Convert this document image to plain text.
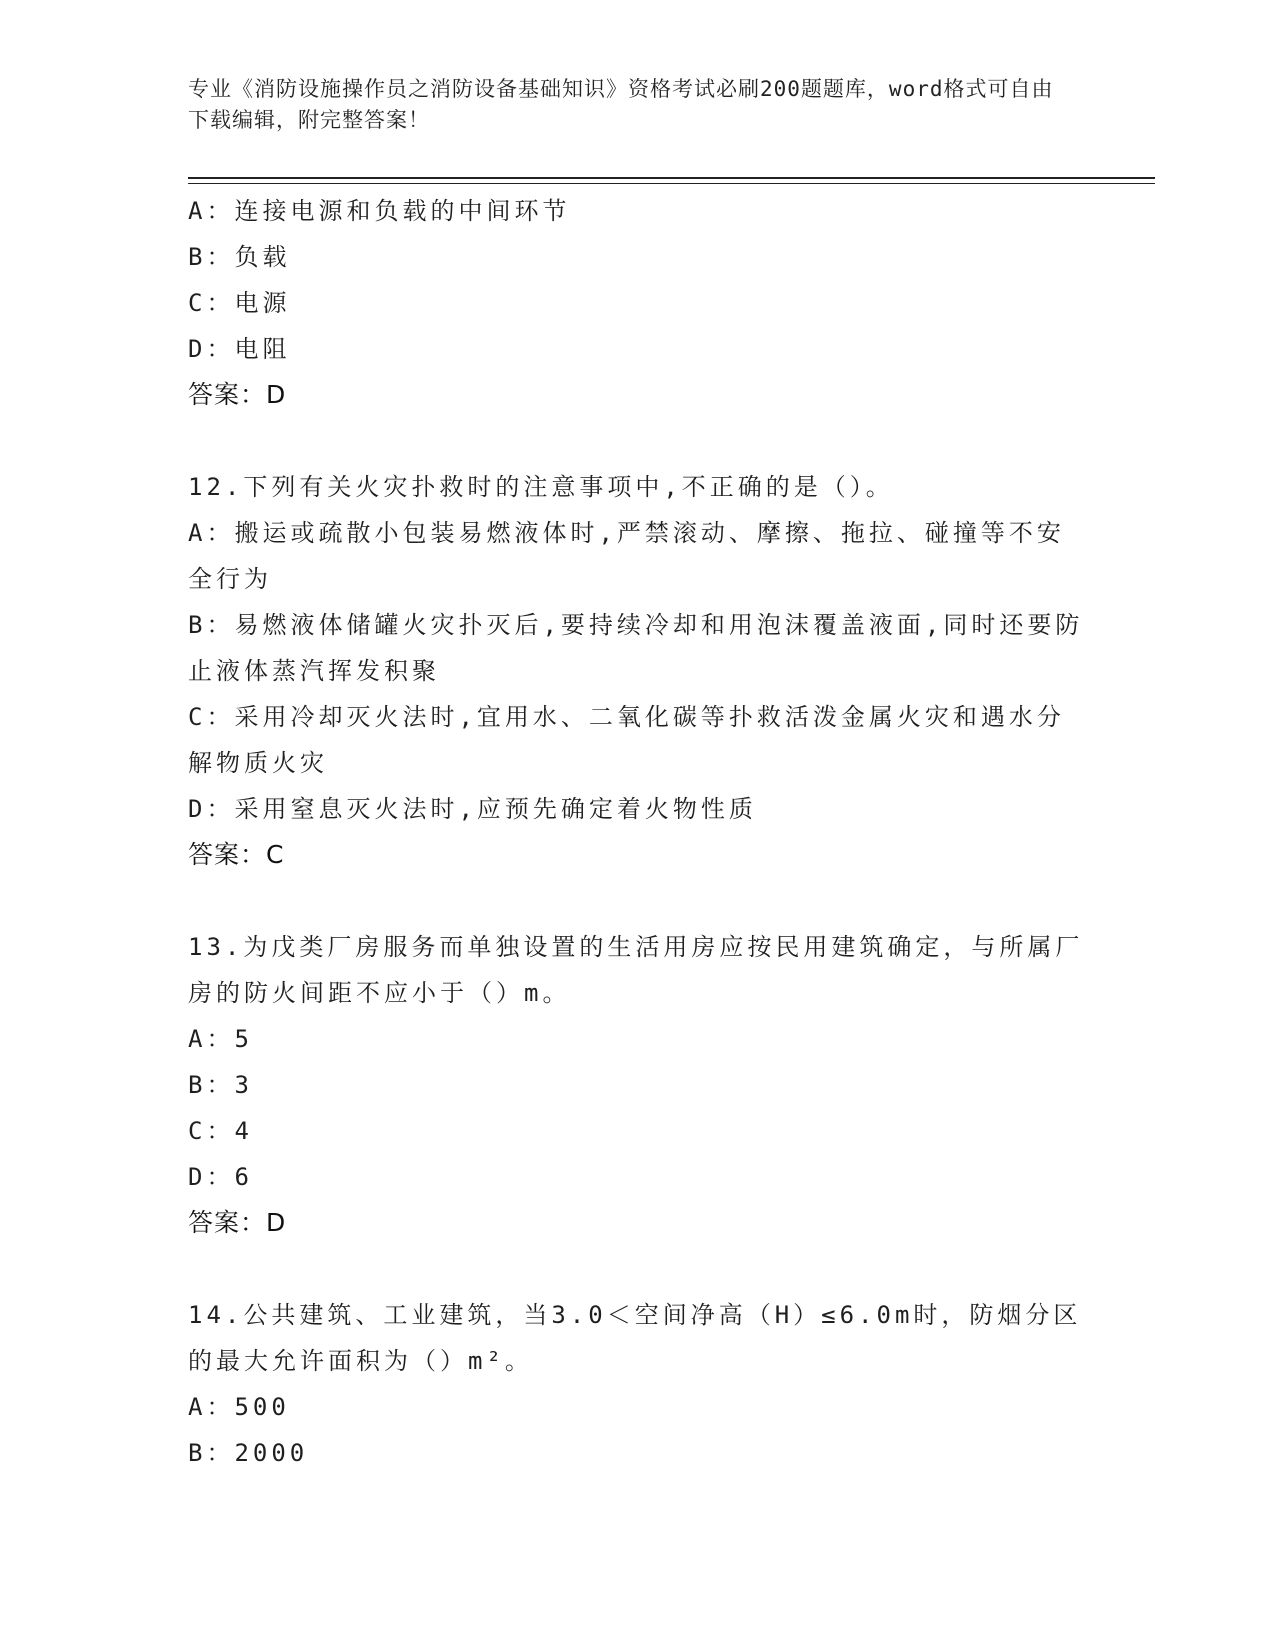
专业《消防设施操作员之消防设备基础知识》资格考试必刷200题题库，word格式可自由下载编辑，附完整答案！
A：连接电源和负载的中间环节
B：负载
C：电源
D：电阻
答案：D
12.下列有关火灾扑救时的注意事项中,不正确的是（）。
A：搬运或疏散小包装易燃液体时,严禁滚动、摩擦、拖拉、碰撞等不安全行为
B：易燃液体储罐火灾扑灭后,要持续冷却和用泡沫覆盖液面,同时还要防止液体蒸汽挥发积聚
C：采用冷却灭火法时,宜用水、二氧化碳等扑救活泼金属火灾和遇水分解物质火灾
D：采用窒息灭火法时,应预先确定着火物性质
答案：C
13.为戊类厂房服务而单独设置的生活用房应按民用建筑确定，与所属厂房的防火间距不应小于（）m。
A：5
B：3
C：4
D：6
答案：D
14.公共建筑、工业建筑，当3.0＜空间净高（H）≤6.0m时，防烟分区的最大允许面积为（）m²。
A：500
B：2000
